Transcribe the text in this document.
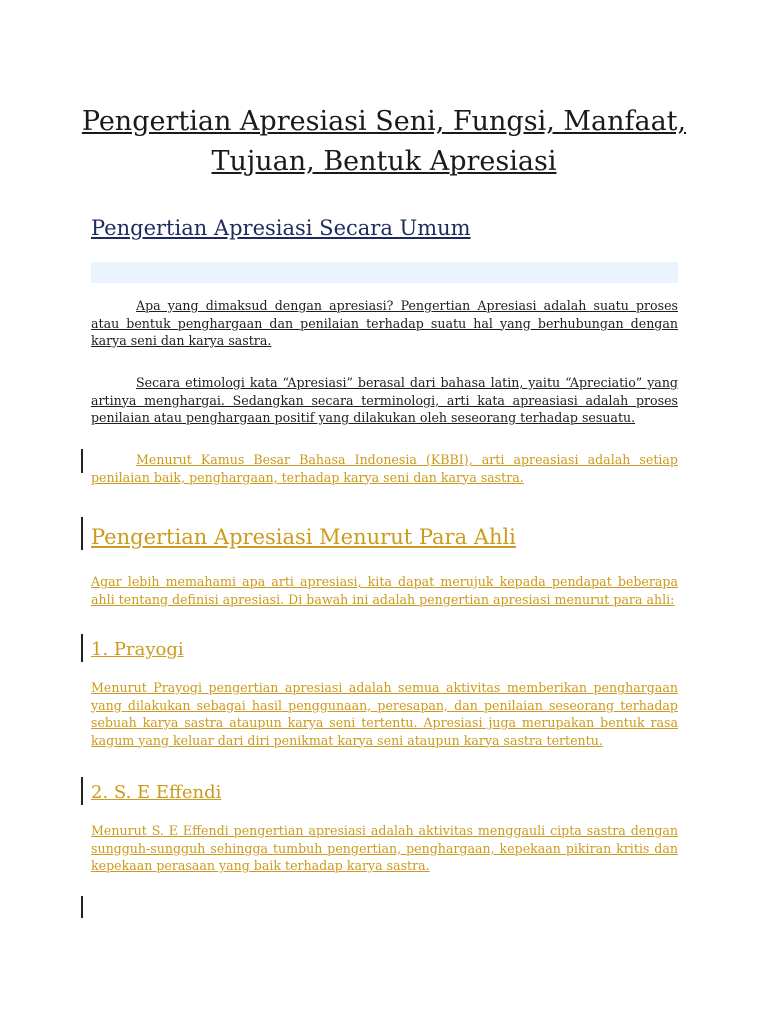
Pengertian Apresiasi Seni, Fungsi, Manfaat, Tujuan, Bentuk Apresiasi
Pengertian Apresiasi Secara Umum

Apa yang dimaksud dengan apresiasi? Pengertian Apresiasi adalah suatu proses atau bentuk penghargaan dan penilaian terhadap suatu hal yang berhubungan dengan karya seni dan karya sastra.

Secara etimologi kata “Apresiasi” berasal dari bahasa latin, yaitu “Apreciatio” yang artinya menghargai. Sedangkan secara terminologi, arti kata apreasiasi adalah proses penilaian atau penghargaan positif yang dilakukan oleh seseorang terhadap sesuatu.

Menurut Kamus Besar Bahasa Indonesia (KBBI), arti apreasiasi adalah setiap penilaian baik, penghargaan, terhadap karya seni dan karya sastra.

Pengertian Apresiasi Menurut Para Ahli

Agar lebih memahami apa arti apresiasi, kita dapat merujuk kepada pendapat beberapa ahli tentang definisi apresiasi. Di bawah ini adalah pengertian apresiasi menurut para ahli:

1. Prayogi

Menurut Prayogi pengertian apresiasi adalah semua aktivitas memberikan penghargaan yang dilakukan sebagai hasil penggunaan, peresapan, dan penilaian seseorang terhadap sebuah karya sastra ataupun karya seni tertentu. Apresiasi juga merupakan bentuk rasa kagum yang keluar dari diri penikmat karya seni ataupun karya sastra tertentu.

2. S. E Effendi

Menurut S. E Effendi pengertian apresiasi adalah aktivitas menggauli cipta sastra dengan sungguh-sungguh sehingga tumbuh pengertian, penghargaan, kepekaan pikiran kritis dan kepekaan perasaan yang baik terhadap karya sastra.
